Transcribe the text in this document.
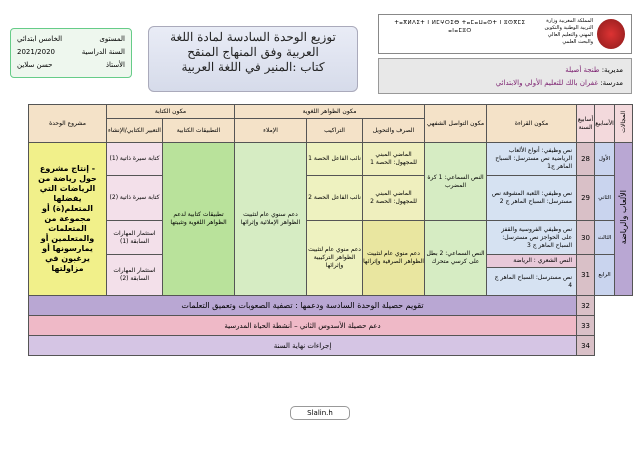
المستوى
الخامس ابتدائي
السنة الدراسية
2021/2020
الأستاذ
حسن سلاين
توزيع الوحدة السادسة لمادة اللغة
العربية وفق المنهاج المنقح
كتاب :المنير في اللغة العربية
المملكة المغربية وزارة التربية الوطنية والتكوين المهني والتعليم العالي والبحث العلمي
ⵜⴰⴳⵍⴷⵉⵜ ⵏ ⵍⵎⵖⵔⵉⴱ ⵜⴰⵎⴰⵡⴰⵙⵜ ⵏ ⵓⵙⴳⵎⵉ ⴰⵏⴰⵎⵓⵔ
مديرية: طنجة أصيلة
مدرسة: غفران بالك للتعليم الأولي والابتدائي
المجالات	الأسابيع	أسابيع السنة	مكون القراءة	مكون التواصل الشفهي	مكون الظواهر اللغوية			مكون الكتابة		مشروع الوحدة
					الصرف والتحويل	التراكيب	الإملاء	التطبيقات الكتابية	التعبير الكتابي/الإنشاء	
الألعاب والرياضة	الأول	28	نص وظيفي: أنواع الألعاب الرياضية نص مسترسل: السباح الماهر ج1	النص السماعي: 1 كرة المضرب	الماضي المبني للمجهول: الحصة 1	نائب الفاعل الحصة 1	دعم سنوي عام لتثبيت الظواهر الإملائية وإثرائها	تطبيقات كتابية لدعم الظواهر اللغوية وتثبيتها	كتابة سيرة ذاتية (1)	- إنتاج مشروع حول رياضة من الرياضات التي يفضلها المتعلم(ة) أو مجموعة من المتعلمات والمتعلمين أو يمارسونها أو يرغبون في مزاولتها
	الثاني	29	نص وظيفي: اللعبة المشوقة نص مسترسل: السباح الماهر ج 2		الماضي المبني للمجهول: الحصة 2	نائب الفاعل الحصة 2			كتابة سيرة ذاتية (2)	
	الثالث	30	نص وظيفي الفروسية والقفز على الحواجز نص مسترسل: السباح الماهر ج 3	النص السماعي: 2 بطل على كرسي متحرك	دعم منوي عام لتثبيت الظواهر الصرفية وإثرائها	دعم منوي عام لتثبيت الظواهر التركيبية وإثرائها			استثمار المهارات السابقة (1)	
	الرابع	31	النص الشعري : الرياضة						استثمار المهارات السابقة (2)	
			نص مسترسل: السباح الماهر ج 4							
		32	تقويم حصيلة الوحدة السادسة ودعمها : تصفية الصعوبات وتعميق التعلمات							
		33	دعم حصيلة الأسدوس الثاني – أنشطة الحياة المدرسية							
		34	إجراءات نهاية السنة							
Slalin.h
